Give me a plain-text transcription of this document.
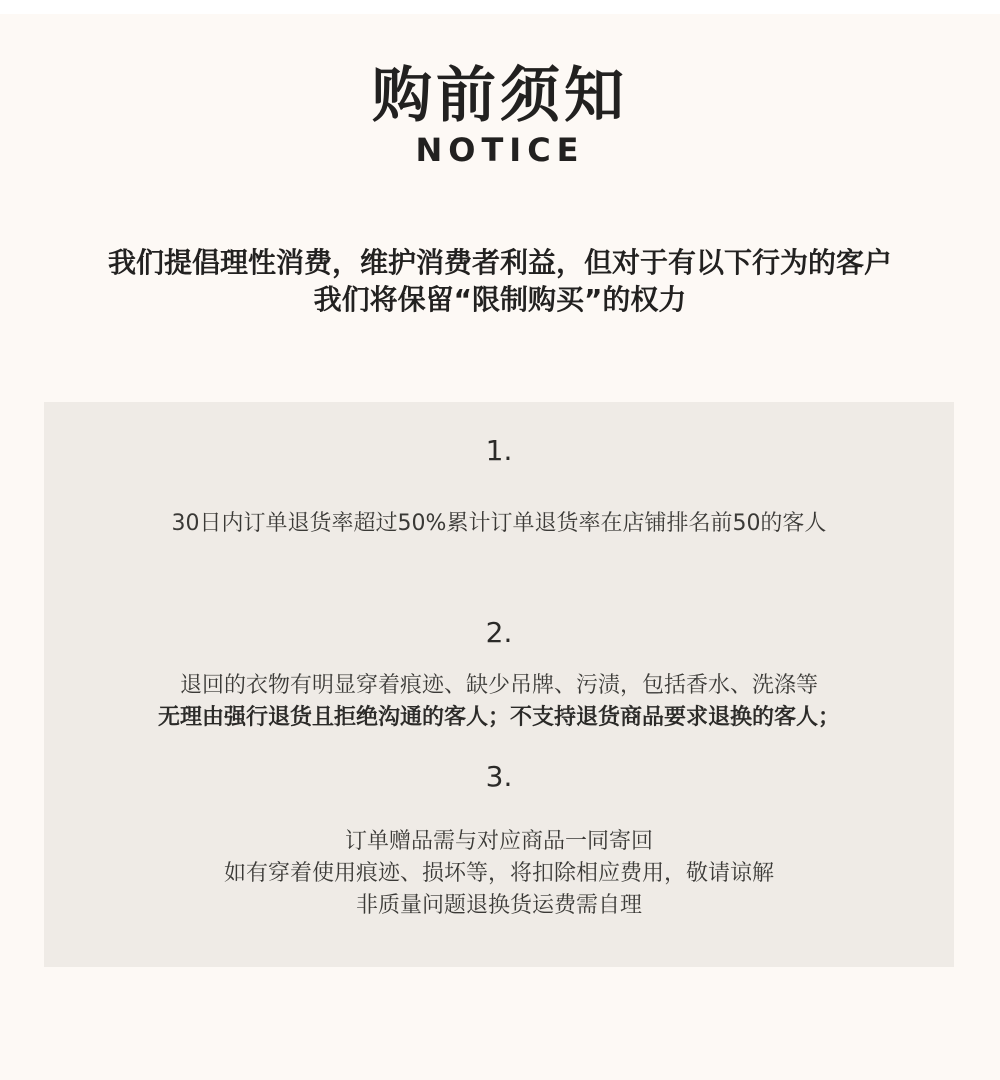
购前须知
NOTICE
我们提倡理性消费，维护消费者利益，但对于有以下行为的客户
我们将保留“限制购买”的权力
1.
30日内订单退货率超过50%累计订单退货率在店铺排名前50的客人
2.
退回的衣物有明显穿着痕迹、缺少吊牌、污渍，包括香水、洗涤等
无理由强行退货且拒绝沟通的客人；不支持退货商品要求退换的客人；
3.
订单赠品需与对应商品一同寄回
如有穿着使用痕迹、损坏等，将扣除相应费用，敬请谅解
非质量问题退换货运费需自理
